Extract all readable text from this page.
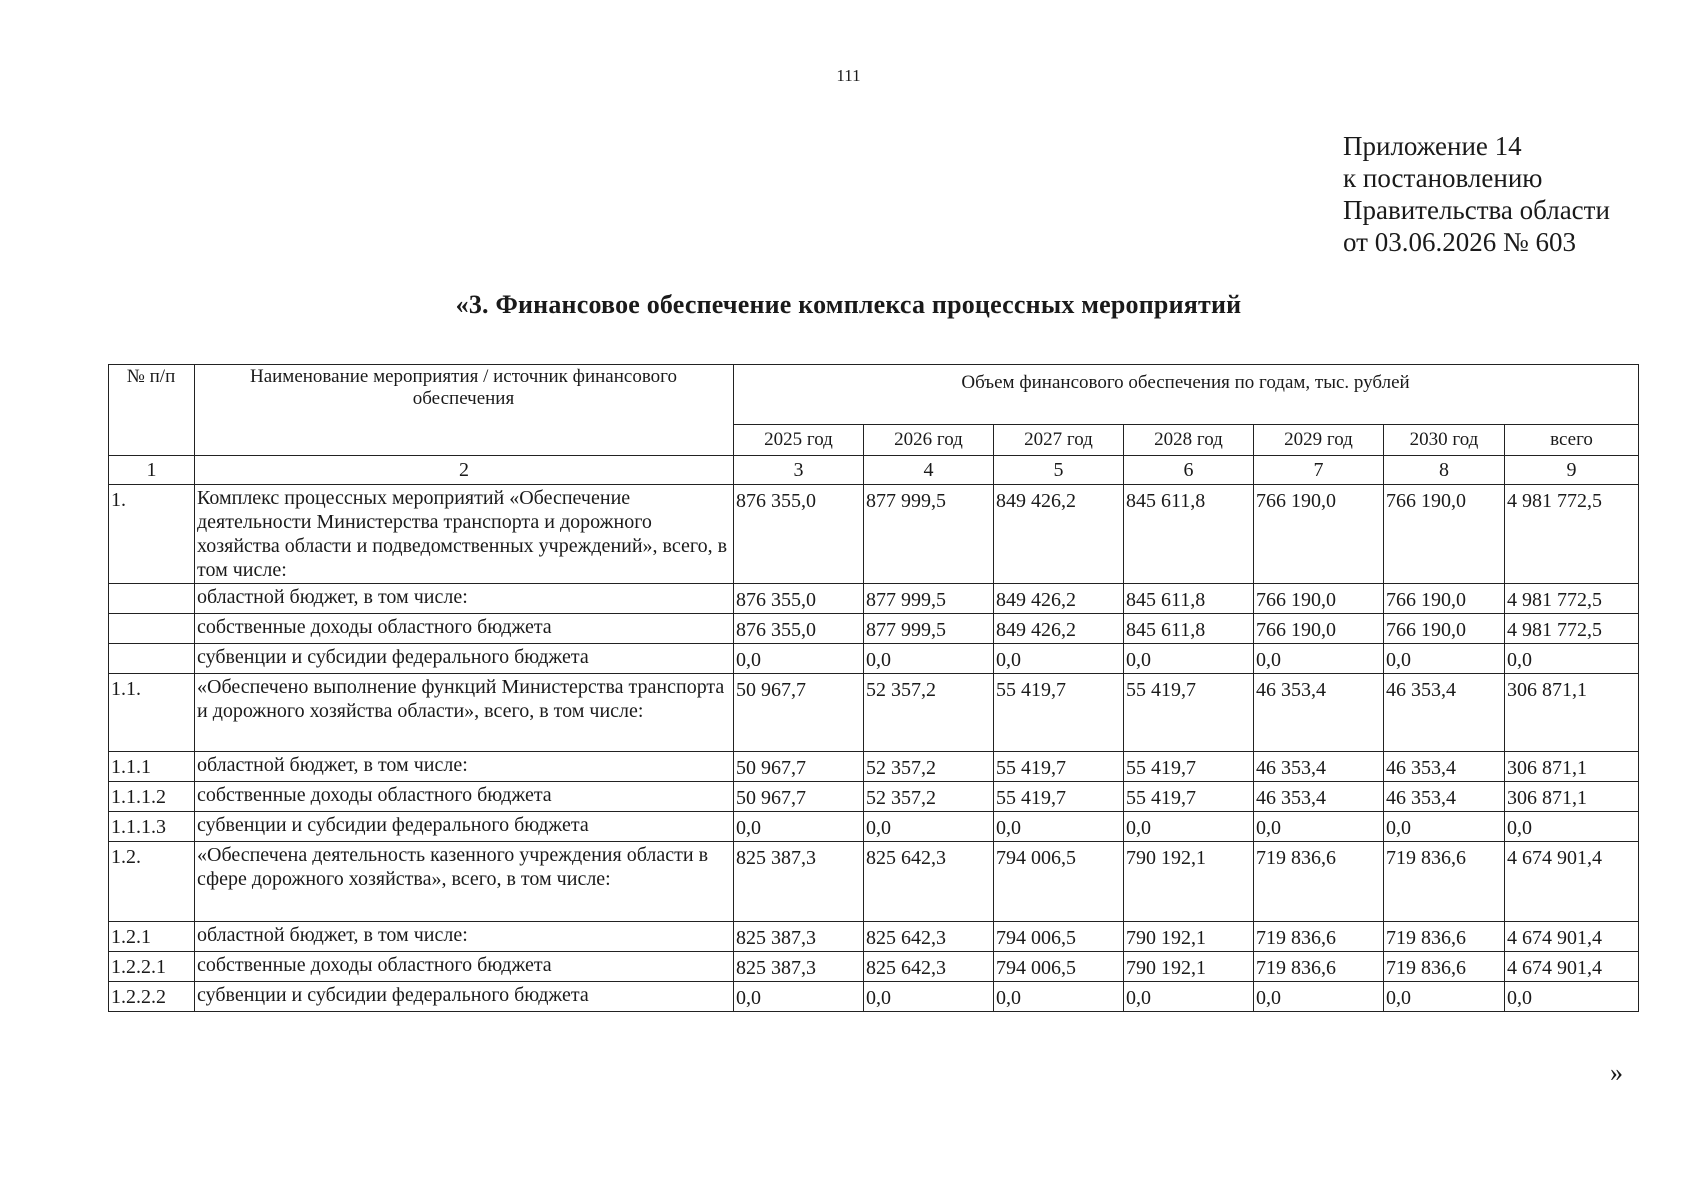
111
Приложение 14
к постановлению
Правительства области
от 03.06.2026 № 603
«3. Финансовое обеспечение комплекса процессных мероприятий
№ п/п	Наименование мероприятия / источник финансового обеспечения	Объем финансового обеспечения по годам, тыс. рублей						
		2025 год	2026 год	2027 год	2028 год	2029 год	2030 год	всего
1	2	3	4	5	6	7	8	9
1.	Комплекс процессных мероприятий «Обеспечение деятельности Министерства транспорта и дорожного хозяйства области и подведомственных учреждений», всего, в том числе:	876 355,0	877 999,5	849 426,2	845 611,8	766 190,0	766 190,0	4 981 772,5
	областной бюджет, в том числе:	876 355,0	877 999,5	849 426,2	845 611,8	766 190,0	766 190,0	4 981 772,5
	собственные доходы областного бюджета	876 355,0	877 999,5	849 426,2	845 611,8	766 190,0	766 190,0	4 981 772,5
	субвенции и субсидии федерального бюджета	0,0	0,0	0,0	0,0	0,0	0,0	0,0
1.1.	«Обеспечено выполнение функций Министерства транспорта и дорожного хозяйства области», всего, в том числе:	50 967,7	52 357,2	55 419,7	55 419,7	46 353,4	46 353,4	306 871,1
1.1.1	областной бюджет, в том числе:	50 967,7	52 357,2	55 419,7	55 419,7	46 353,4	46 353,4	306 871,1
1.1.1.2	собственные доходы областного бюджета	50 967,7	52 357,2	55 419,7	55 419,7	46 353,4	46 353,4	306 871,1
1.1.1.3	субвенции и субсидии федерального бюджета	0,0	0,0	0,0	0,0	0,0	0,0	0,0
1.2.	«Обеспечена деятельность казенного учреждения области в сфере дорожного хозяйства», всего, в том числе:	825 387,3	825 642,3	794 006,5	790 192,1	719 836,6	719 836,6	4 674 901,4
1.2.1	областной бюджет, в том числе:	825 387,3	825 642,3	794 006,5	790 192,1	719 836,6	719 836,6	4 674 901,4
1.2.2.1	собственные доходы областного бюджета	825 387,3	825 642,3	794 006,5	790 192,1	719 836,6	719 836,6	4 674 901,4
1.2.2.2	субвенции и субсидии федерального бюджета	0,0	0,0	0,0	0,0	0,0	0,0	0,0
»
